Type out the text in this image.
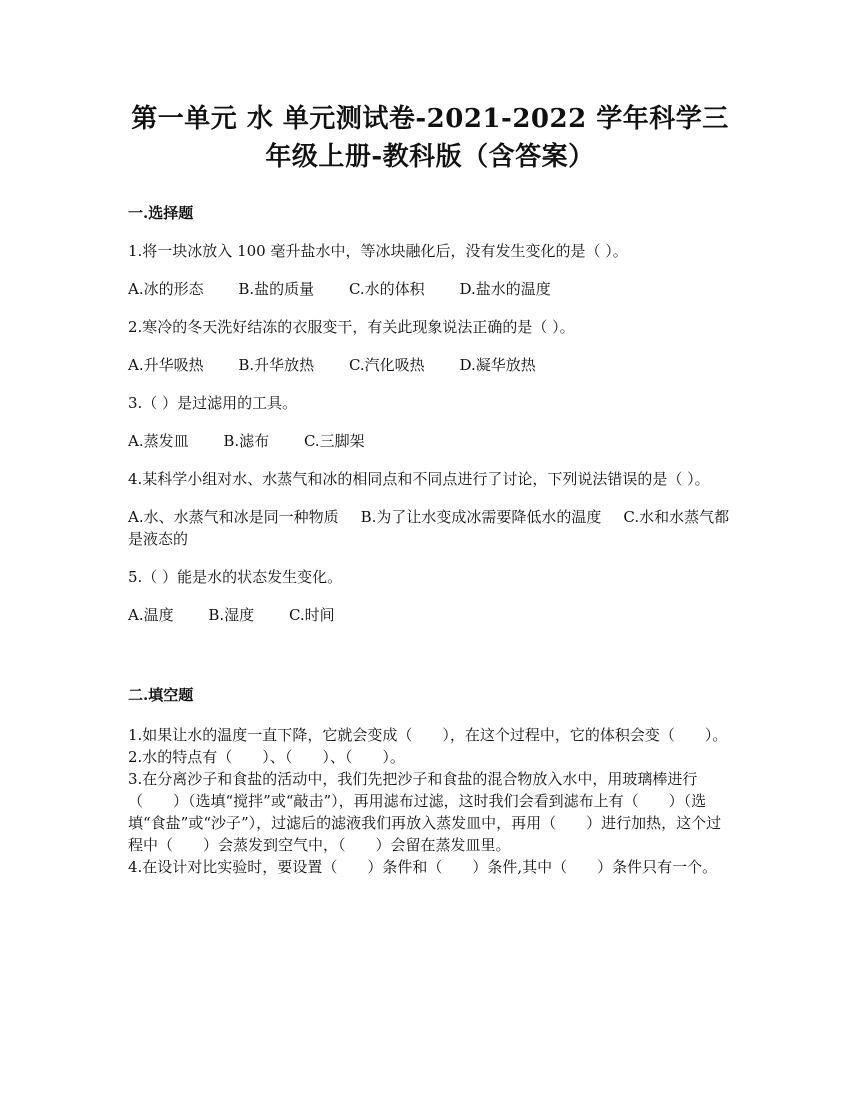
第一单元 水 单元测试卷-2021-2022 学年科学三年级上册-教科版（含答案）
一.选择题
1.将一块冰放入 100 毫升盐水中，等冰块融化后，没有发生变化的是（ ）。
A.冰的形态 B.盐的质量 C.水的体积 D.盐水的温度
2.寒冷的冬天洗好结冻的衣服变干，有关此现象说法正确的是（ ）。
A.升华吸热 B.升华放热 C.汽化吸热 D.凝华放热
3.（ ）是过滤用的工具。
A.蒸发皿 B.滤布 C.三脚架
4.某科学小组对水、水蒸气和冰的相同点和不同点进行了讨论，下列说法错误的是（ ）。
A.水、水蒸气和冰是同一种物质 B.为了让水变成冰需要降低水的温度 C.水和水蒸气都是液态的
5.（ ）能是水的状态发生变化。
A.温度 B.湿度 C.时间
二.填空题
1.如果让水的温度一直下降，它就会变成（　　），在这个过程中，它的体积会变（　　）。
2.水的特点有（　　）、（　　）、（　　）。
3.在分离沙子和食盐的活动中，我们先把沙子和食盐的混合物放入水中，用玻璃棒进行（　　）（选填“搅拌”或“敲击”），再用滤布过滤，这时我们会看到滤布上有（　　）（选填“食盐”或“沙子”），过滤后的滤液我们再放入蒸发皿中，再用（　　）进行加热，这个过程中（　　）会蒸发到空气中，（　　）会留在蒸发皿里。
4.在设计对比实验时，要设置（　　）条件和（　　）条件,其中（　　）条件只有一个。
